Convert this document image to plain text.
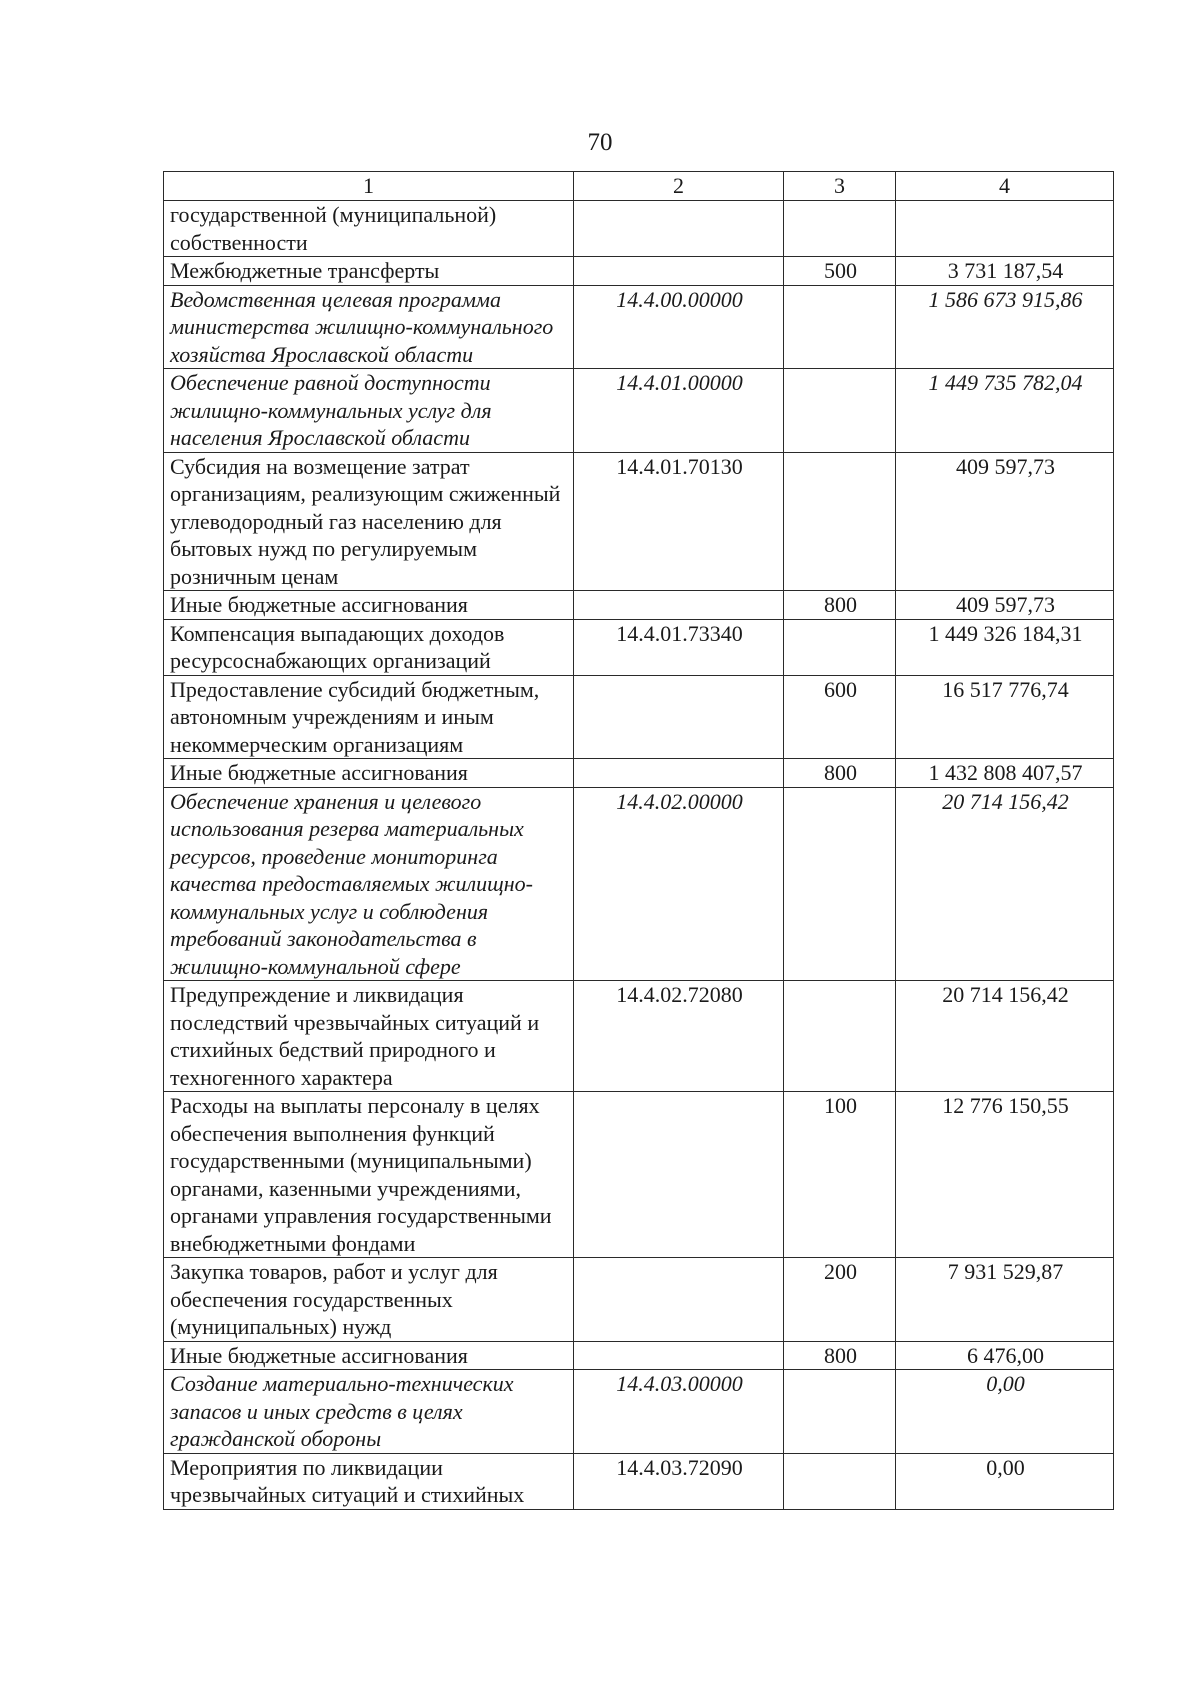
70
1	2	3	4
государственной (муниципальной) собственности			
Межбюджетные трансферты		500	3 731 187,54
Ведомственная целевая программа министерства жилищно-коммунального хозяйства Ярославской области	14.4.00.00000		1 586 673 915,86
Обеспечение равной доступности жилищно-коммунальных услуг для населения Ярославской области	14.4.01.00000		1 449 735 782,04
Субсидия на возмещение затрат организациям, реализующим сжиженный углеводородный газ населению для бытовых нужд по регулируемым розничным ценам	14.4.01.70130		409 597,73
Иные бюджетные ассигнования		800	409 597,73
Компенсация выпадающих доходов ресурсоснабжающих организаций	14.4.01.73340		1 449 326 184,31
Предоставление субсидий бюджетным, автономным учреждениям и иным некоммерческим организациям		600	16 517 776,74
Иные бюджетные ассигнования		800	1 432 808 407,57
Обеспечение хранения и целевого использования резерва материальных ресурсов, проведение мониторинга качества предоставляемых жилищно-коммунальных услуг и соблюдения требований законодательства в жилищно-коммунальной сфере	14.4.02.00000		20 714 156,42
Предупреждение и ликвидация последствий чрезвычайных ситуаций и стихийных бедствий природного и техногенного характера	14.4.02.72080		20 714 156,42
Расходы на выплаты персоналу в целях обеспечения выполнения функций государственными (муниципальными) органами, казенными учреждениями, органами управления государственными внебюджетными фондами		100	12 776 150,55
Закупка товаров, работ и услуг для обеспечения государственных (муниципальных) нужд		200	7 931 529,87
Иные бюджетные ассигнования		800	6 476,00
Создание материально-технических запасов и иных средств в целях гражданской обороны	14.4.03.00000		0,00
Мероприятия по ликвидации чрезвычайных ситуаций и стихийных	14.4.03.72090		0,00
